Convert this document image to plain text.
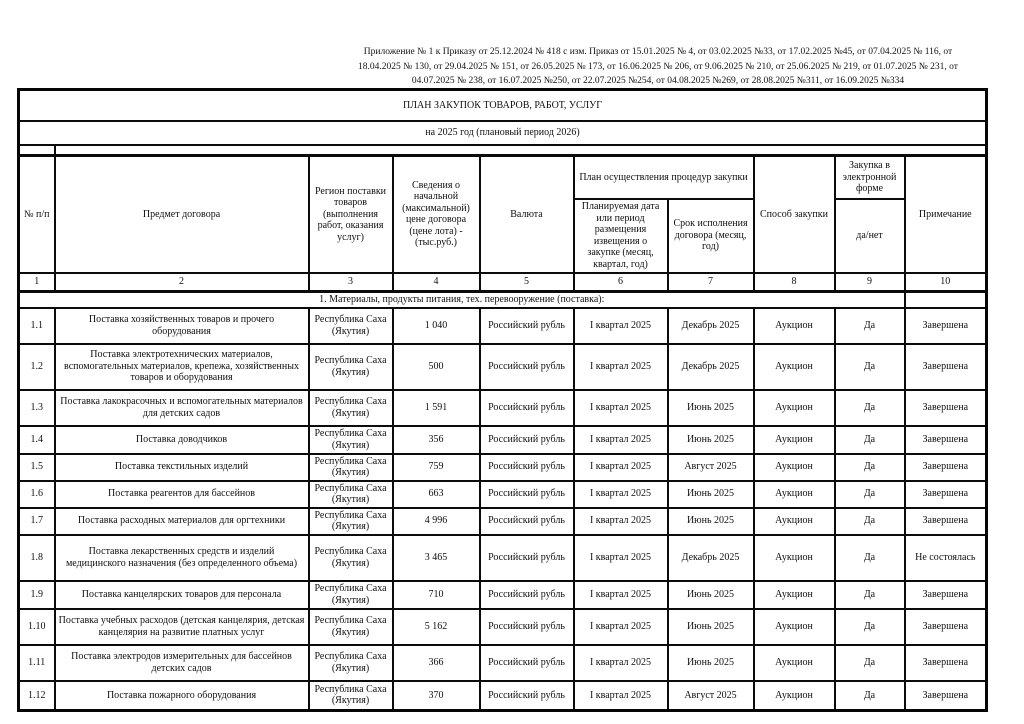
Приложение № 1 к Приказу от 25.12.2024 № 418 с изм. Приказ от 15.01.2025 № 4, от 03.02.2025 №33, от 17.02.2025 №45, от 07.04.2025 № 116, от
18.04.2025 № 130, от 29.04.2025 № 151, от 26.05.2025 № 173, от 16.06.2025 № 206, от 9.06.2025 № 210, от 25.06.2025 № 219, от 01.07.2025 № 231, от
04.07.2025 № 238, от 16.07.2025 №250, от 22.07.2025 №254, от 04.08.2025 №269, от 28.08.2025 №311, от 16.09.2025 №334
ПЛАН ЗАКУПОК ТОВАРОВ, РАБОТ, УСЛУГ									
на 2025 год (плановый период 2026)									

№ п/п	Предмет договора	Регион поставки товаров (выполнения работ, оказания услуг)	Сведения о начальной (максимальной) цене договора (цене лота) - (тыс.руб.)	Валюта	План осуществления процедур закупки		Способ закупки	Закупка в электронной форме	Примечание
					Планируемая дата или период размещения извещения о закупке (месяц, квартал, год)	Срок исполнения договора (месяц, год)		да/нет	
1	2	3	4	5	6	7	8	9	10
1. Материалы, продукты питания, тех. перевооружение (поставка):									
1.1	Поставка хозяйственных товаров и прочего оборудования	Республика Саха (Якутия)	1 040	Российский рубль	I квартал 2025	Декабрь 2025	Аукцион	Да	Завершена
1.2	Поставка электротехнических материалов, вспомогательных материалов, крепежа, хозяйственных товаров и оборудования	Республика Саха (Якутия)	500	Российский рубль	I квартал 2025	Декабрь 2025	Аукцион	Да	Завершена
1.3	Поставка лакокрасочных и вспомогательных материалов для детских садов	Республика Саха (Якутия)	1 591	Российский рубль	I квартал 2025	Июнь 2025	Аукцион	Да	Завершена
1.4	Поставка доводчиков	Республика Саха (Якутия)	356	Российский рубль	I квартал 2025	Июнь 2025	Аукцион	Да	Завершена
1.5	Поставка текстильных изделий	Республика Саха (Якутия)	759	Российский рубль	I квартал 2025	Август 2025	Аукцион	Да	Завершена
1.6	Поставка реагентов для бассейнов	Республика Саха (Якутия)	663	Российский рубль	I квартал 2025	Июнь 2025	Аукцион	Да	Завершена
1.7	Поставка расходных материалов для оргтехники	Республика Саха (Якутия)	4 996	Российский рубль	I квартал 2025	Июнь 2025	Аукцион	Да	Завершена
1.8	Поставка лекарственных средств и изделий медицинского назначения (без определенного объема)	Республика Саха (Якутия)	3 465	Российский рубль	I квартал 2025	Декабрь 2025	Аукцион	Да	Не состоялась
1.9	Поставка канцелярских товаров для персонала	Республика Саха (Якутия)	710	Российский рубль	I квартал 2025	Июнь 2025	Аукцион	Да	Завершена
1.10	Поставка учебных расходов (детская канцелярия, детская канцелярия на развитие платных услуг	Республика Саха (Якутия)	5 162	Российский рубль	I квартал 2025	Июнь 2025	Аукцион	Да	Завершена
1.11	Поставка электродов измерительных для бассейнов детских садов	Республика Саха (Якутия)	366	Российский рубль	I квартал 2025	Июнь 2025	Аукцион	Да	Завершена
1.12	Поставка пожарного оборудования	Республика Саха (Якутия)	370	Российский рубль	I квартал 2025	Август 2025	Аукцион	Да	Завершена
